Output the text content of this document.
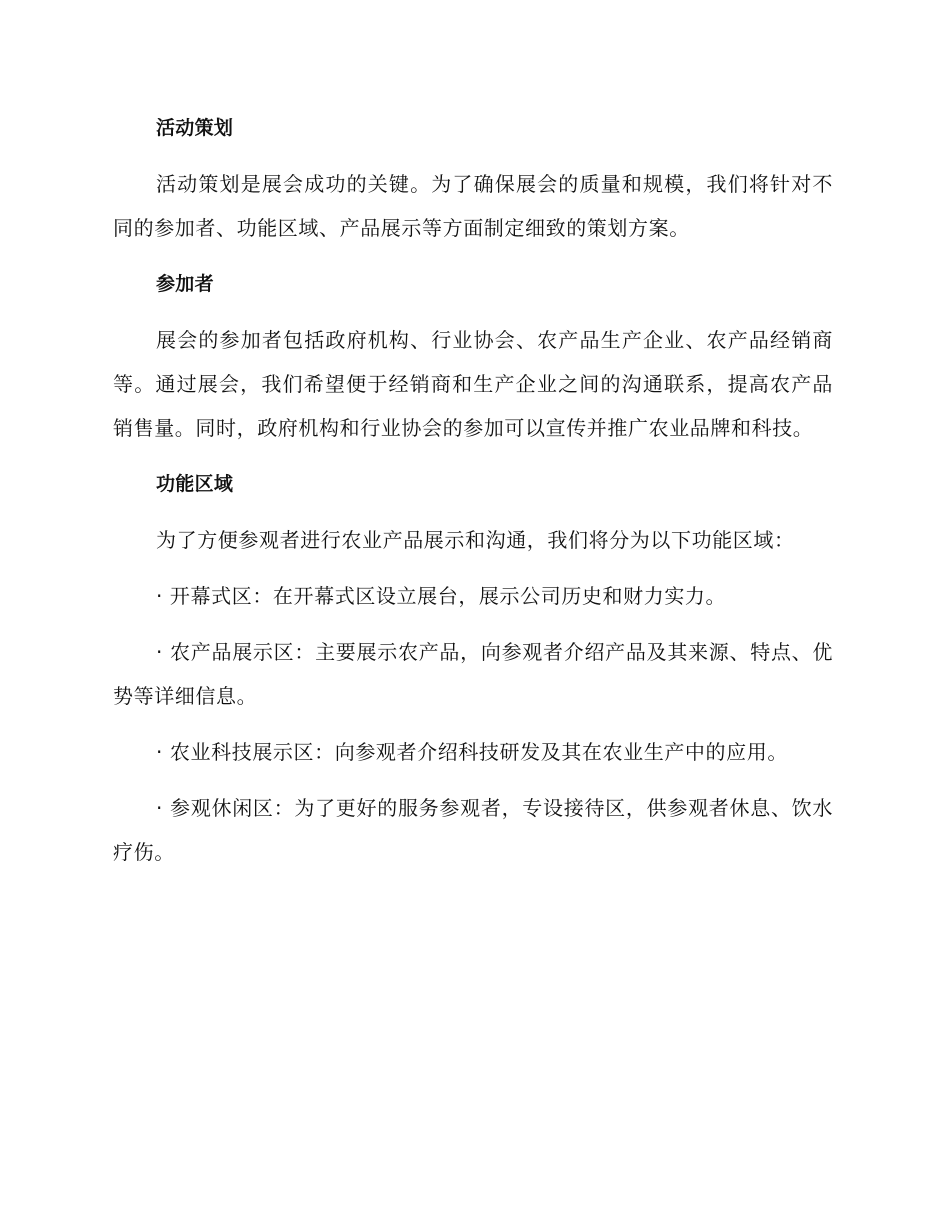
活动策划

活动策划是展会成功的关键。为了确保展会的质量和规模，我们将针对不同的参加者、功能区域、产品展示等方面制定细致的策划方案。

参加者

展会的参加者包括政府机构、行业协会、农产品生产企业、农产品经销商等。通过展会，我们希望便于经销商和生产企业之间的沟通联系，提高农产品销售量。同时，政府机构和行业协会的参加可以宣传并推广农业品牌和科技。

功能区域

为了方便参观者进行农业产品展示和沟通，我们将分为以下功能区域：

· 开幕式区：在开幕式区设立展台，展示公司历史和财力实力。

· 农产品展示区：主要展示农产品，向参观者介绍产品及其来源、特点、优势等详细信息。

· 农业科技展示区：向参观者介绍科技研发及其在农业生产中的应用。

· 参观休闲区：为了更好的服务参观者，专设接待区，供参观者休息、饮水疗伤。
